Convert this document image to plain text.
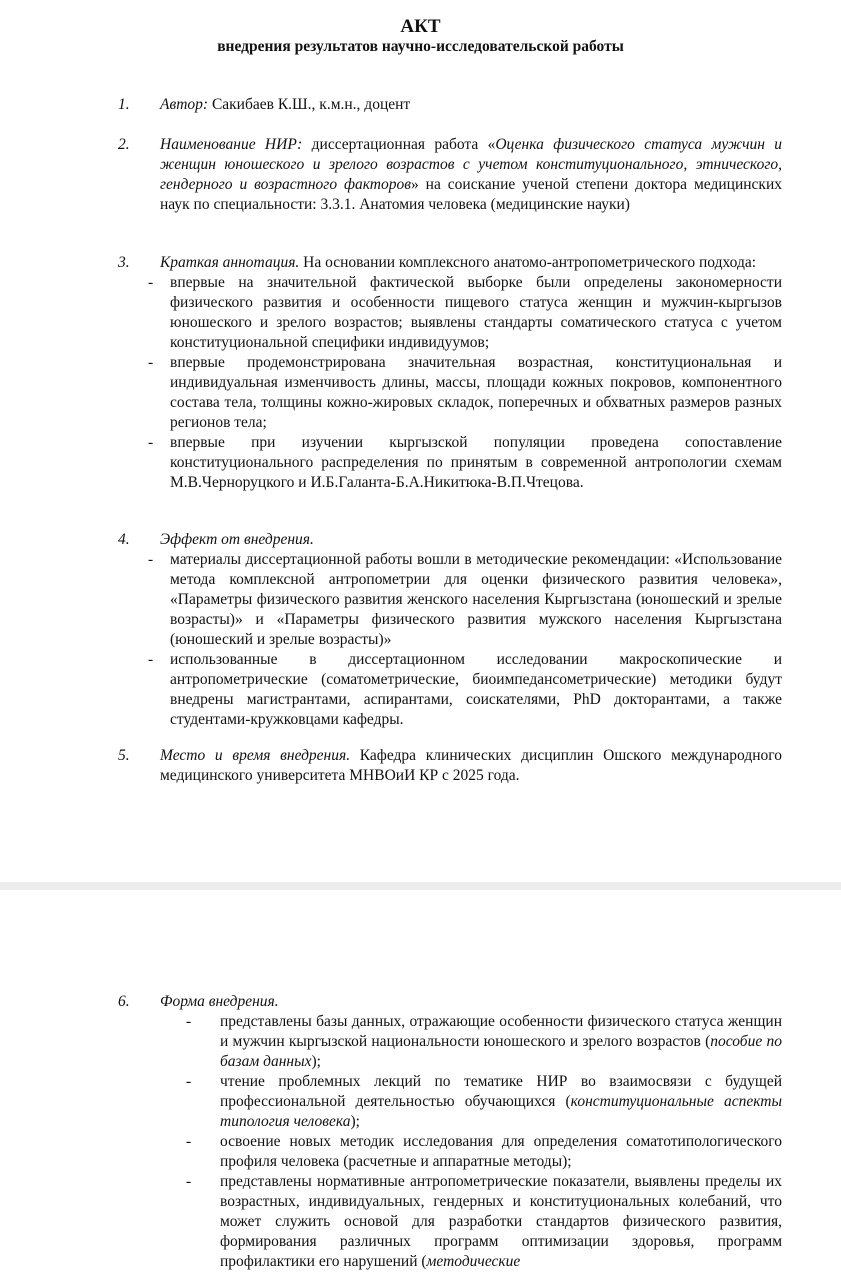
АКТ
внедрения результатов научно-исследовательской работы
1. Автор: Сакибаев К.Ш., к.м.н., доцент

2. Наименование НИР: диссертационная работа «Оценка физического статуса мужчин и женщин юношеского и зрелого возрастов с учетом конституционального, этнического, гендерного и возрастного факторов» на соискание ученой степени доктора медицинских наук по специальности: 3.3.1. Анатомия человека (медицинские науки)

3. Краткая аннотация. На основании комплексного анатомо-антропометрического подхода:

- впервые на значительной фактической выборке были определены закономерности физического развития и особенности пищевого статуса женщин и мужчин-кыргызов юношеского и зрелого возрастов; выявлены стандарты соматического статуса с учетом конституциональной специфики индивидуумов;
- впервые продемонстрирована значительная возрастная, конституциональная и индивидуальная изменчивость длины, массы, площади кожных покровов, компонентного состава тела, толщины кожно-жировых складок, поперечных и обхватных размеров разных регионов тела;
- впервые при изучении кыргызской популяции проведена сопоставление конституционального распределения по принятым в современной антропологии схемам М.В.Черноруцкого и И.Б.Галанта-Б.А.Никитюка-В.П.Чтецова.
4. Эффект от внедрения.

- материалы диссертационной работы вошли в методические рекомендации: «Использование метода комплексной антропометрии для оценки физического развития человека», «Параметры физического развития женского населения Кыргызстана (юношеский и зрелые возрасты)» и «Параметры физического развития мужского населения Кыргызстана (юношеский и зрелые возрасты)»
- использованные в диссертационном исследовании макроскопические и антропометрические (соматометрические, биоимпедансометрические) методики будут внедрены магистрантами, аспирантами, соискателями, PhD докторантами, а также студентами-кружковцами кафедры.
5. Место и время внедрения. Кафедра клинических дисциплин Ошского международного медицинского университета МНВОиИ КР с 2025 года.

6. Форма внедрения.

- представлены базы данных, отражающие особенности физического статуса женщин и мужчин кыргызской национальности юношеского и зрелого возрастов (пособие по базам данных);
- чтение проблемных лекций по тематике НИР во взаимосвязи с будущей профессиональной деятельностью обучающихся (конституциональные аспекты типология человека);
- освоение новых методик исследования для определения соматотипологического профиля человека (расчетные и аппаратные методы);
- представлены нормативные антропометрические показатели, выявлены пределы их возрастных, индивидуальных, гендерных и конституциональных колебаний, что может служить основой для разработки стандартов физического развития, формирования различных программ оптимизации здоровья, программ профилактики его нарушений (методические
